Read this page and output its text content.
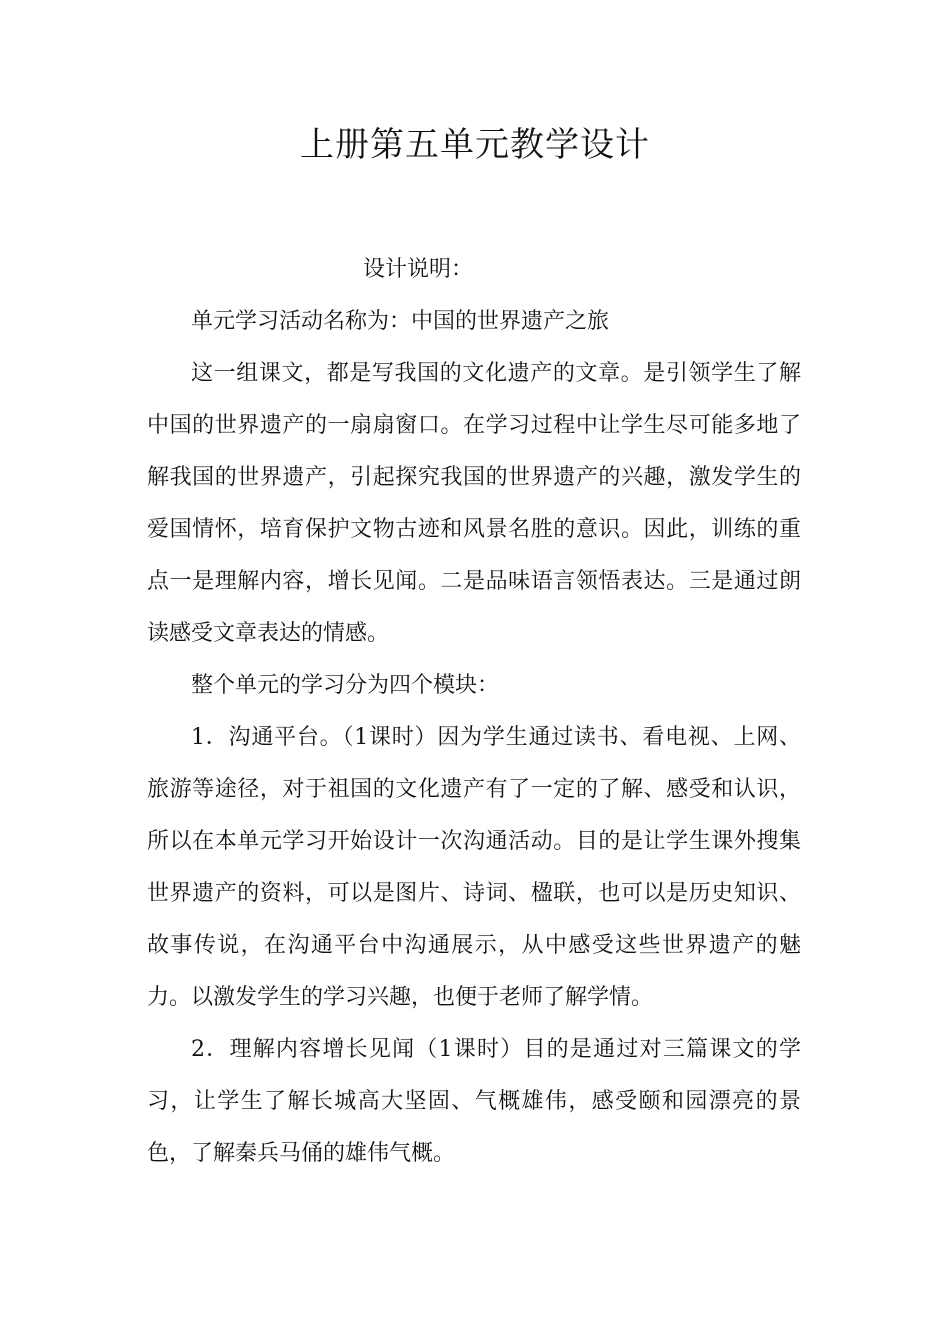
上册第五单元教学设计

设计说明：

单元学习活动名称为：中国的世界遗产之旅

这一组课文，都是写我国的文化遗产的文章。是引领学生了解中国的世界遗产的一扇扇窗口。在学习过程中让学生尽可能多地了解我国的世界遗产，引起探究我国的世界遗产的兴趣，激发学生的爱国情怀，培育保护文物古迹和风景名胜的意识。因此，训练的重点一是理解内容，增长见闻。二是品味语言领悟表达。三是通过朗读感受文章表达的情感。

整个单元的学习分为四个模块：

1．沟通平台。（1课时）因为学生通过读书、看电视、上网、旅游等途径，对于祖国的文化遗产有了一定的了解、感受和认识，所以在本单元学习开始设计一次沟通活动。目的是让学生课外搜集世界遗产的资料，可以是图片、诗词、楹联，也可以是历史知识、故事传说，在沟通平台中沟通展示，从中感受这些世界遗产的魅力。以激发学生的学习兴趣，也便于老师了解学情。

2．理解内容增长见闻（1课时）目的是通过对三篇课文的学习，让学生了解长城高大坚固、气概雄伟，感受颐和园漂亮的景色，了解秦兵马俑的雄伟气概。
